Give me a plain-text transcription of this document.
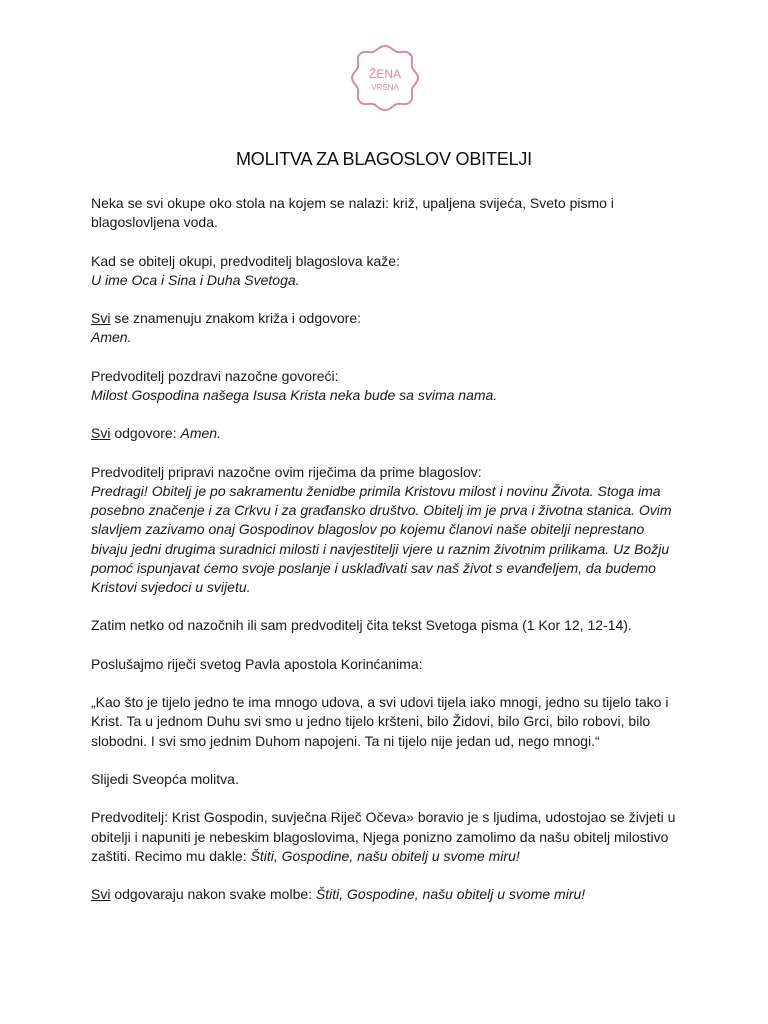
ŽENA
VRSNA
MOLITVA ZA BLAGOSLOV OBITELJI

Neka se svi okupe oko stola na kojem se nalazi: križ, upaljena svijeća, Sveto pismo i blagoslovljena voda.

Kad se obitelj okupi, predvoditelj blagoslova kaže:
U ime Oca i Sina i Duha Svetoga.

Svi se znamenuju znakom križa i odgovore:
Amen.

Predvoditelj pozdravi nazočne govoreći:
Milost Gospodina našega Isusa Krista neka bude sa svima nama.

Svi odgovore: Amen.

Predvoditelj pripravi nazočne ovim riječima da prime blagoslov:
Predragi! Obitelj je po sakramentu ženidbe primila Kristovu milost i novinu Života. Stoga ima posebno značenje i za Crkvu i za građansko društvo. Obitelj im je prva i životna stanica. Ovim slavljem zazivamo onaj Gospodinov blagoslov po kojemu članovi naše obitelji neprestano bivaju jedni drugima suradnici milosti i navjestitelji vjere u raznim životnim prilikama. Uz Božju pomoć ispunjavat ćemo svoje poslanje i usklađivati sav naš život s evanđeljem, da budemo Kristovi svjedoci u svijetu.

Zatim netko od nazočnih ili sam predvoditelj čita tekst Svetoga pisma (1 Kor 12, 12-14).

Poslušajmo riječi svetog Pavla apostola Korinćanima:

„Kao što je tijelo jedno te ima mnogo udova, a svi udovi tijela iako mnogi, jedno su tijelo tako i Krist. Ta u jednom Duhu svi smo u jedno tijelo kršteni, bilo Židovi, bilo Grci, bilo robovi, bilo slobodni. I svi smo jednim Duhom napojeni. Ta ni tijelo nije jedan ud, nego mnogi.“

Slijedi Sveopća molitva.

Predvoditelj: Krist Gospodin, suvječna Riječ Očeva» boravio je s ljudima, udostojao se živjeti u obitelji i napuniti je nebeskim blagoslovima, Njega ponizno zamolimo da našu obitelj milostivo zaštiti. Recimo mu dakle: Štiti, Gospodine, našu obitelj u svome miru!

Svi odgovaraju nakon svake molbe: Štiti, Gospodine, našu obitelj u svome miru!
